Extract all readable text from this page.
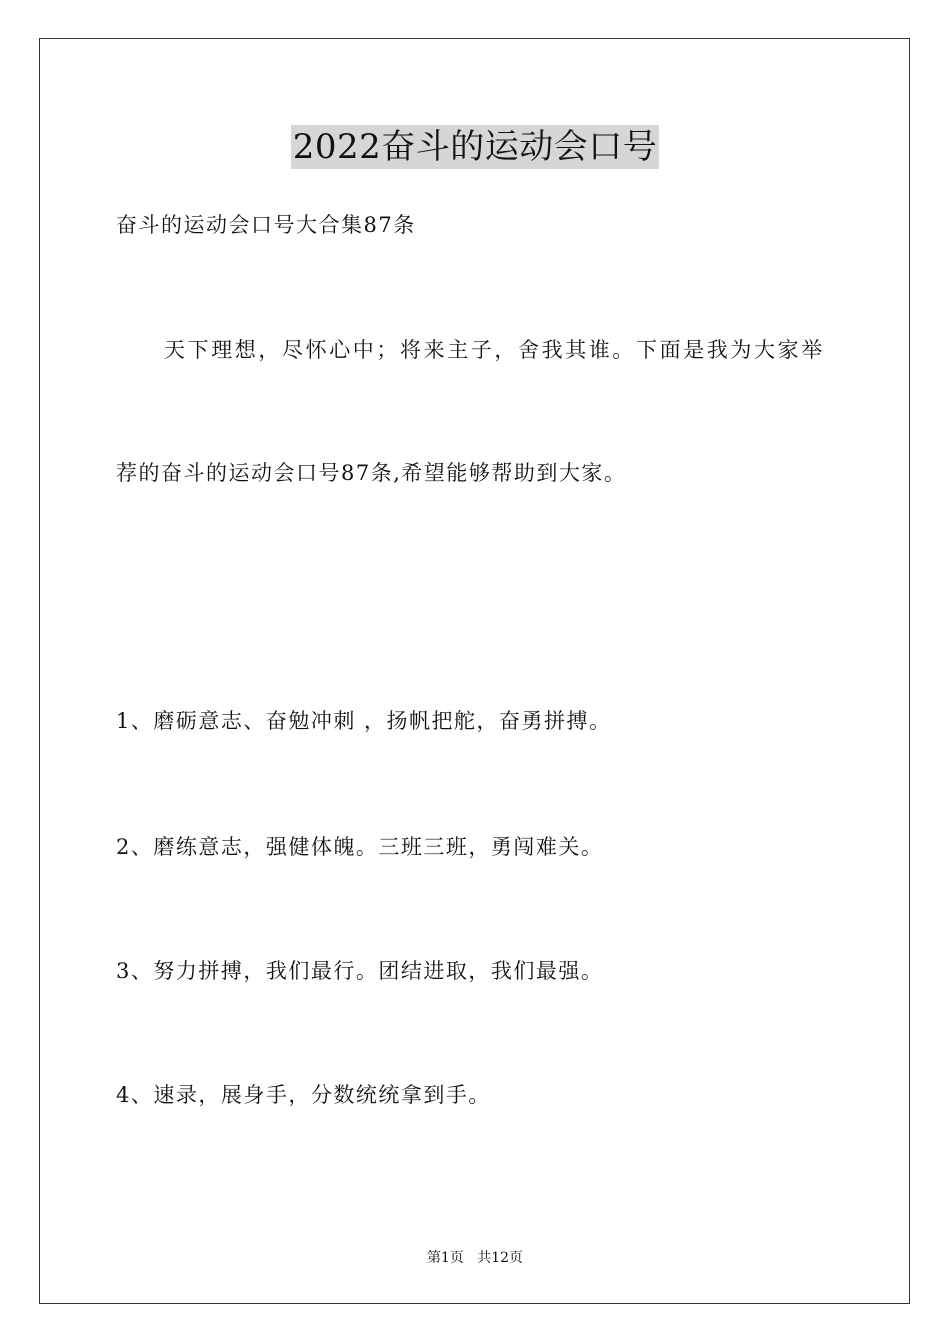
2022奋斗的运动会口号
奋斗的运动会口号大合集87条
天下理想，尽怀心中；将来主子，舍我其谁。下面是我为大家举
荐的奋斗的运动会口号87条,希望能够帮助到大家。
1、磨砺意志、奋勉冲刺 ，扬帆把舵，奋勇拼搏。
2、磨练意志，强健体魄。三班三班，勇闯难关。
3、努力拼搏，我们最行。团结进取，我们最强。
4、速录，展身手，分数统统拿到手。
第1页 共12页
